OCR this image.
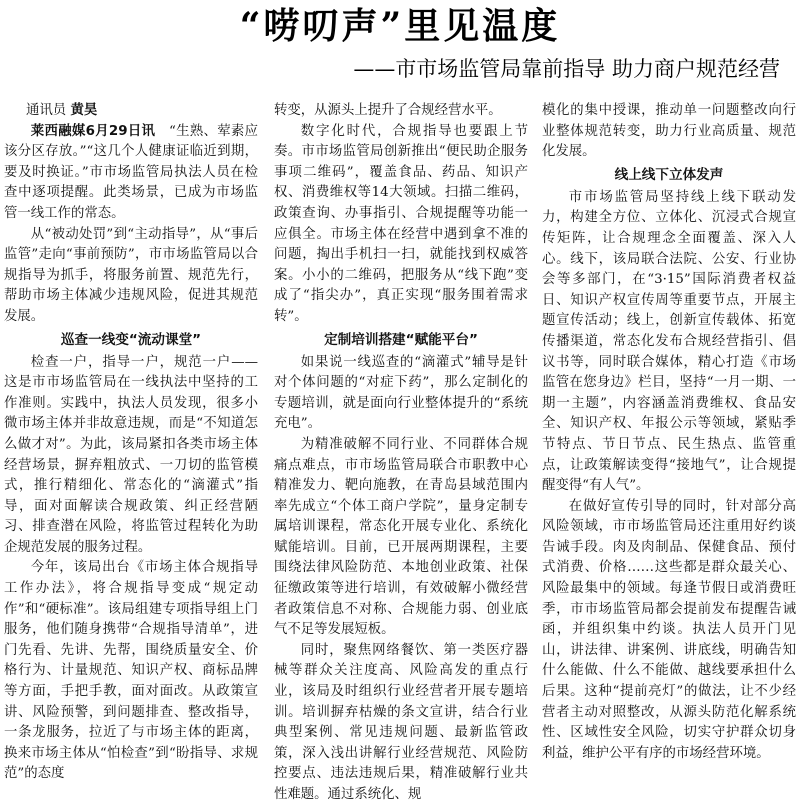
“唠叨声”里见温度
——市市场监管局靠前指导 助力商户规范经营
通讯员 黄昊

莱西融媒6月29日讯　 “生熟、荤素应该分区存放。”“这几个人健康证临近到期，要及时换证。”市市场监管局执法人员在检查中逐项提醒。此类场景，已成为市场监管一线工作的常态。

从“被动处罚”到“主动指导”，从“事后监管”走向“事前预防”，市市场监管局以合规指导为抓手，将服务前置、规范先行，帮助市场主体减少违规风险，促进其规范发展。

巡查一线变“流动课堂”

检查一户，指导一户，规范一户——这是市市场监管局在一线执法中坚持的工作准则。实践中，执法人员发现，很多小微市场主体并非故意违规，而是“不知道怎么做才对”。为此，该局紧扣各类市场主体经营场景，摒弃粗放式、一刀切的监管模式，推行精细化、常态化的“滴灌式”指导，面对面解读合规政策、纠正经营陋习、排查潜在风险，将监管过程转化为助企规范发展的服务过程。

今年，该局出台《市场主体合规指导工作办法》，将合规指导变成“规定动作”和“硬标准”。该局组建专项指导组上门服务，他们随身携带“合规指导清单”，进门先看、先讲、先帮，围绕质量安全、价格行为、计量规范、知识产权、商标品牌等方面，手把手教，面对面改。从政策宣讲、风险预警，到问题排查、整改指导，一条龙服务，拉近了与市场主体的距离，换来市场主体从“怕检查”到“盼指导、求规范”的态度

转变，从源头上提升了合规经营水平。

数字化时代，合规指导也要跟上节奏。市市场监管局创新推出“便民助企服务事项二维码”，覆盖食品、药品、知识产权、消费维权等14大领域。扫描二维码，政策查询、办事指引、合规提醒等功能一应俱全。市场主体在经营中遇到拿不准的问题，掏出手机扫一扫，就能找到权威答案。小小的二维码，把服务从“线下跑”变成了“指尖办”，真正实现“服务围着需求转”。

定制培训搭建“赋能平台”

如果说一线巡查的“滴灌式”辅导是针对个体问题的“对症下药”，那么定制化的专题培训，就是面向行业整体提升的“系统充电”。

为精准破解不同行业、不同群体合规痛点难点，市市场监管局联合市职教中心精准发力、靶向施教，在青岛县域范围内率先成立“个体工商户学院”，量身定制专属培训课程，常态化开展专业化、系统化赋能培训。目前，已开展两期课程，主要围绕法律风险防范、本地创业政策、社保征缴政策等进行培训，有效破解小微经营者政策信息不对称、合规能力弱、创业底气不足等发展短板。

同时，聚焦网络餐饮、第一类医疗器械等群众关注度高、风险高发的重点行业，该局及时组织行业经营者开展专题培训。培训摒弃枯燥的条文宣讲，结合行业典型案例、常见违规问题、最新监管政策，深入浅出讲解行业经营规范、风险防控要点、违法违规后果，精准破解行业共性难题。通过系统化、规

模化的集中授课，推动单一问题整改向行业整体规范转变，助力行业高质量、规范化发展。

线上线下立体发声

市市场监管局坚持线上线下联动发力，构建全方位、立体化、沉浸式合规宣传矩阵，让合规理念全面覆盖、深入人心。线下，该局联合法院、公安、行业协会等多部门，在“3·15”国际消费者权益日、知识产权宣传周等重要节点，开展主题宣传活动；线上，创新宣传载体、拓宽传播渠道，常态化发布合规经营指引、倡议书等，同时联合媒体，精心打造《市场监管在您身边》栏目，坚持“一月一期、一期一主题”，内容涵盖消费维权、食品安全、知识产权、年报公示等领域，紧贴季节特点、节日节点、民生热点、监管重点，让政策解读变得“接地气”，让合规提醒变得“有人气”。

在做好宣传引导的同时，针对部分高风险领域，市市场监管局还注重用好约谈告诫手段。肉及肉制品、保健食品、预付式消费、价格……这些都是群众最关心、风险最集中的领域。每逢节假日或消费旺季，市市场监管局都会提前发布提醒告诫函，并组织集中约谈。执法人员开门见山，讲法律、讲案例、讲底线，明确告知什么能做、什么不能做、越线要承担什么后果。这种“提前亮灯”的做法，让不少经营者主动对照整改，从源头防范化解系统性、区域性安全风险，切实守护群众切身利益，维护公平有序的市场经营环境。
